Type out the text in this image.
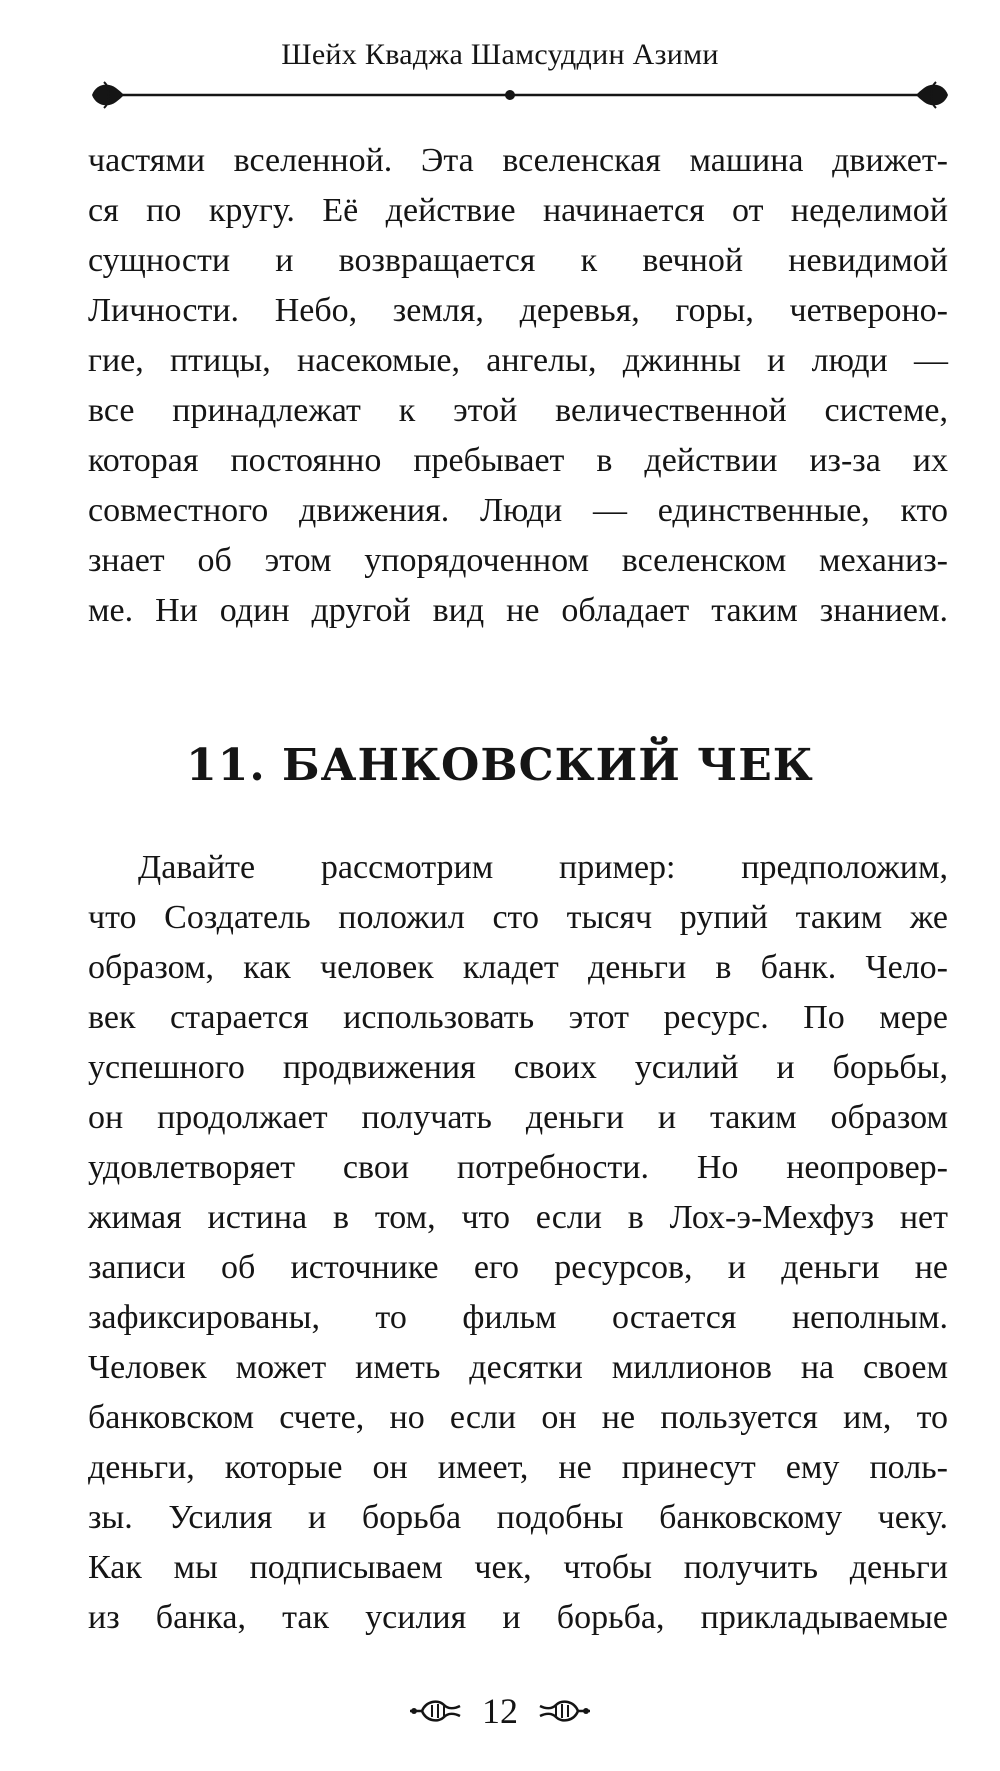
Шейх Кваджа Шамсуддин Азими
частями вселенной. Эта вселенская машина движет-
ся по кругу. Её действие начинается от неделимой
сущности и возвращается к вечной невидимой
Личности. Небо, земля, деревья, горы, четвероно-
гие, птицы, насекомые, ангелы, джинны и люди —
все принадлежат к этой величественной системе,
которая постоянно пребывает в действии из-за их
совместного движения. Люди — единственные, кто
знает об этом упорядоченном вселенском механиз-
ме. Ни один другой вид не обладает таким знанием.
11. БАНКОВСКИЙ ЧЕК
Давайте рассмотрим пример: предположим,
что Создатель положил сто тысяч рупий таким же
образом, как человек кладет деньги в банк. Чело-
век старается использовать этот ресурс. По мере
успешного продвижения своих усилий и борьбы,
он продолжает получать деньги и таким образом
удовлетворяет свои потребности. Но неопровер-
жимая истина в том, что если в Лох-э-Мехфуз нет
записи об источнике его ресурсов, и деньги не
зафиксированы, то фильм остается неполным.
Человек может иметь десятки миллионов на своем
банковском счете, но если он не пользуется им, то
деньги, которые он имеет, не принесут ему поль-
зы. Усилия и борьба подобны банковскому чеку.
Как мы подписываем чек, чтобы получить деньги
из банка, так усилия и борьба, прикладываемые
12
